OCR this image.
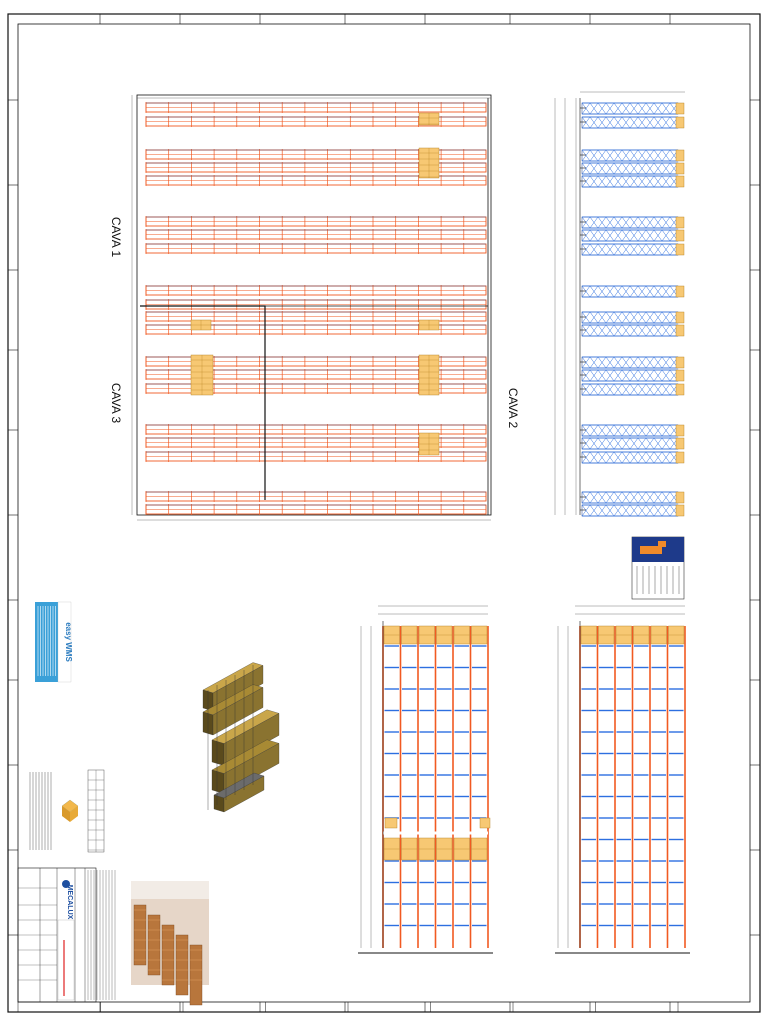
CAVA 1
CAVA 3	CAVA 2
easy WMS
MECALUX
